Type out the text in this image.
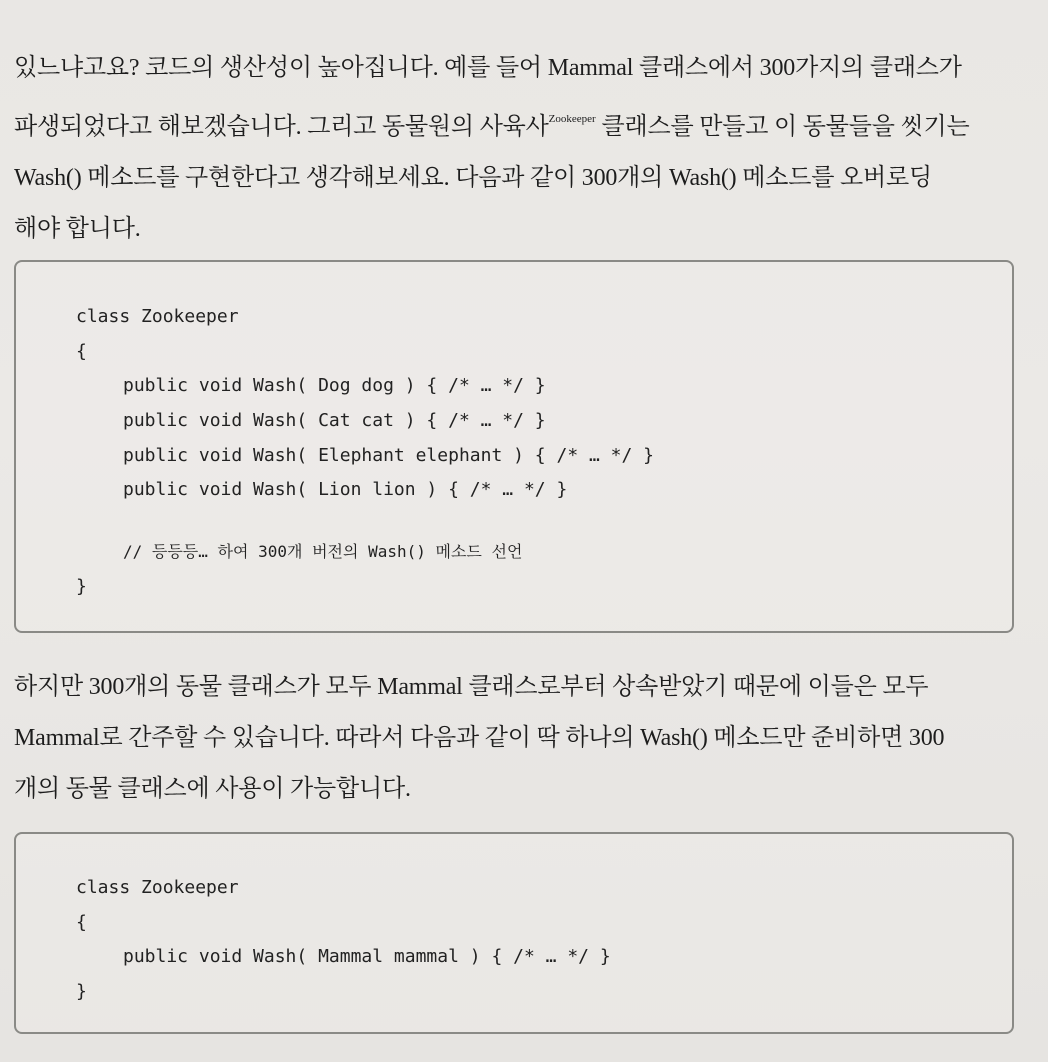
있느냐고요? 코드의 생산성이 높아집니다. 예를 들어 Mammal 클래스에서 300가지의 클래스가

파생되었다고 해보겠습니다. 그리고 동물원의 사육사$^{Zookeeper}$ 클래스를 만들고 이 동물들을 씻기는

Wash() 메소드를 구현한다고 생각해보세요. 다음과 같이 300개의 Wash() 메소드를 오버로딩

해야 합니다.

class Zookeeper
{
public void Wash( Dog dog ) { /* … */ }
public void Wash( Cat cat ) { /* … */ }
public void Wash( Elephant elephant ) { /* … */ }
public void Wash( Lion lion ) { /* … */ }
// 등등등… 하여 300개 버전의 Wash() 메소드 선언
}

하지만 300개의 동물 클래스가 모두 Mammal 클래스로부터 상속받았기 때문에 이들은 모두

Mammal로 간주할 수 있습니다. 따라서 다음과 같이 딱 하나의 Wash() 메소드만 준비하면 300

개의 동물 클래스에 사용이 가능합니다.

class Zookeeper
{
public void Wash( Mammal mammal ) { /* … */ }
}
